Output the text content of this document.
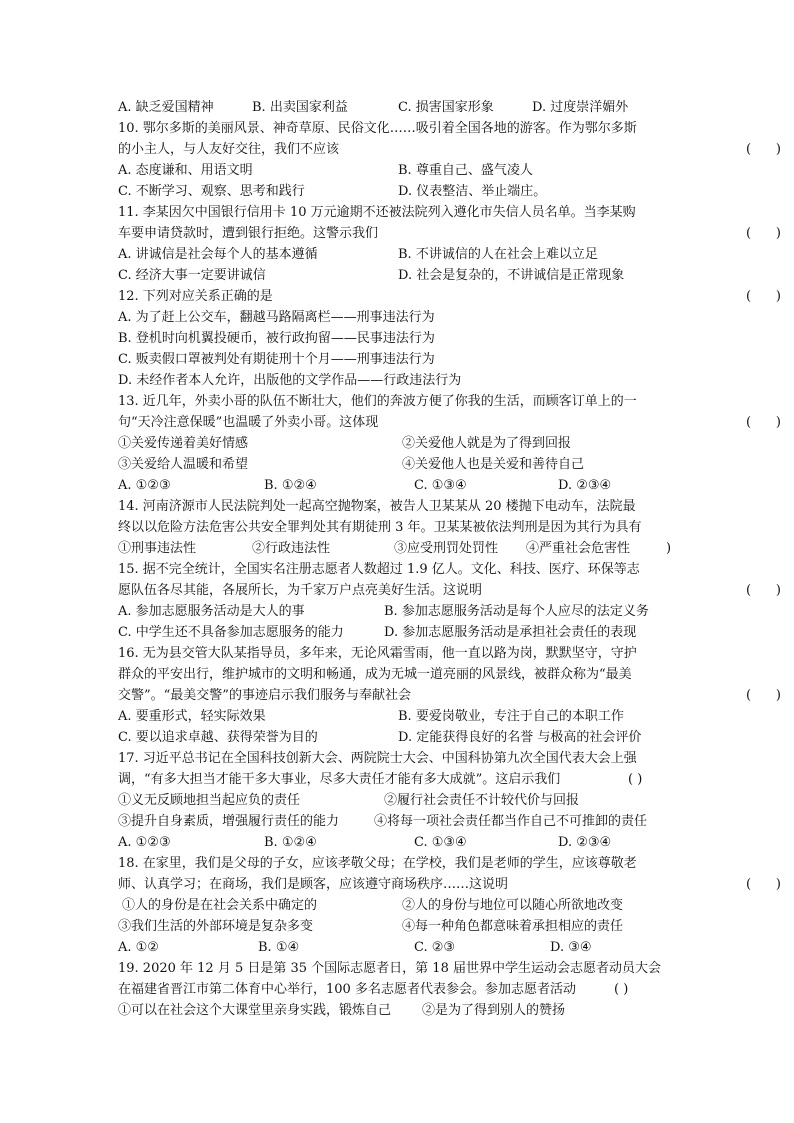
A. 缺乏爱国精神	B. 出卖国家利益	C. 损害国家形象	D. 过度崇洋媚外
10. 鄂尔多斯的美丽风景、神奇草原、民俗文化……吸引着全国各地的游客。作为鄂尔多斯
的小主人，与人友好交往，我们不应该	(      )
A. 态度谦和、用语文明	B. 尊重自己、盛气凌人
C. 不断学习、观察、思考和践行	D. 仪表整洁、举止端庄。
11. 李某因欠中国银行信用卡 10 万元逾期不还被法院列入遵化市失信人员名单。当李某购
车要申请贷款时，遭到银行拒绝。这警示我们	(      )
A. 讲诚信是社会每个人的基本遵循	B. 不讲诚信的人在社会上难以立足
C. 经济大事一定要讲诚信	D. 社会是复杂的，不讲诚信是正常现象
12. 下列对应关系正确的是	(      )
A. 为了赶上公交车，翻越马路隔离栏——刑事违法行为
B. 登机时向机翼投硬币，被行政拘留——民事违法行为
C. 贩卖假口罩被判处有期徒刑十个月——刑事违法行为
D. 未经作者本人允许，出版他的文学作品——行政违法行为
13. 近几年，外卖小哥的队伍不断壮大，他们的奔波方便了你我的生活，而顾客订单上的一
句“天冷注意保暖”也温暖了外卖小哥。这体现	(      )
①关爱传递着美好情感	②关爱他人就是为了得到回报
③关爱给人温暖和希望	④关爱他人也是关爱和善待自己
A. ①②③	B. ①②④	C. ①③④	D. ②③④
14. 河南济源市人民法院判处一起高空抛物案，被告人卫某某从 20 楼抛下电动车，法院最
终以以危险方法危害公共安全罪判处其有期徒刑 3 年。卫某某被依法判刑是因为其行为具有
①刑事违法性	②行政违法性	③应受刑罚处罚性 ④严重社会危害性	)
15. 据不完全统计，全国实名注册志愿者人数超过 1.9 亿人。文化、科技、医疗、环保等志
愿队伍各尽其能，各展所长，为千家万户点亮美好生活。这说明	(      )
A. 参加志愿服务活动是大人的事	B. 参加志愿服务活动是每个人应尽的法定义务
C. 中学生还不具备参加志愿服务的能力	D. 参加志愿服务活动是承担社会责任的表现
16. 无为县交管大队某指导员，多年来，无论风霜雪雨，他一直以路为岗，默默坚守，守护
群众的平安出行，维护城市的文明和畅通，成为无城一道亮丽的风景线，被群众称为“最美
交警”。“最美交警”的事迹启示我们服务与奉献社会	(      )
A. 要重形式，轻实际效果	B. 要爱岗敬业，专注于自己的本职工作
C. 要以追求卓越、获得荣誉为目的	D. 定能获得良好的名誉 与极高的社会评价
17. 习近平总书记在全国科技创新大会、两院院士大会、中国科协第九次全国代表大会上强
调，“有多大担当才能干多大事业，尽多大责任才能有多大成就”。这启示我们	( )
①义无反顾地担当起应负的责任	②履行社会责任不计较代价与回报
③提升自身素质，增强履行责任的能力	④将每一项社会责任都当作自己不可推卸的责任
A. ①②③	B. ①②④	C. ①③④	D. ②③④
18. 在家里，我们是父母的子女，应该孝敬父母；在学校，我们是老师的学生，应该尊敬老
师、认真学习；在商场，我们是顾客，应该遵守商场秩序……这说明	(      )
①人的身份是在社会关系中确定的	②人的身份与地位可以随心所欲地改变
③我们生活的外部环境是复杂多变	④每一种角色都意味着承担相应的责任
A. ①②	B. ①④	C. ②③	D. ③④
19. 2020 年 12 月 5 日是第 35 个国际志愿者日，第 18 届世界中学生运动会志愿者动员大会
在福建省晋江市第二体育中心举行，100 多名志愿者代表参会。参加志愿者活动	( )
①可以在社会这个大课堂里亲身实践，锻炼自己 ②是为了得到别人的赞扬
